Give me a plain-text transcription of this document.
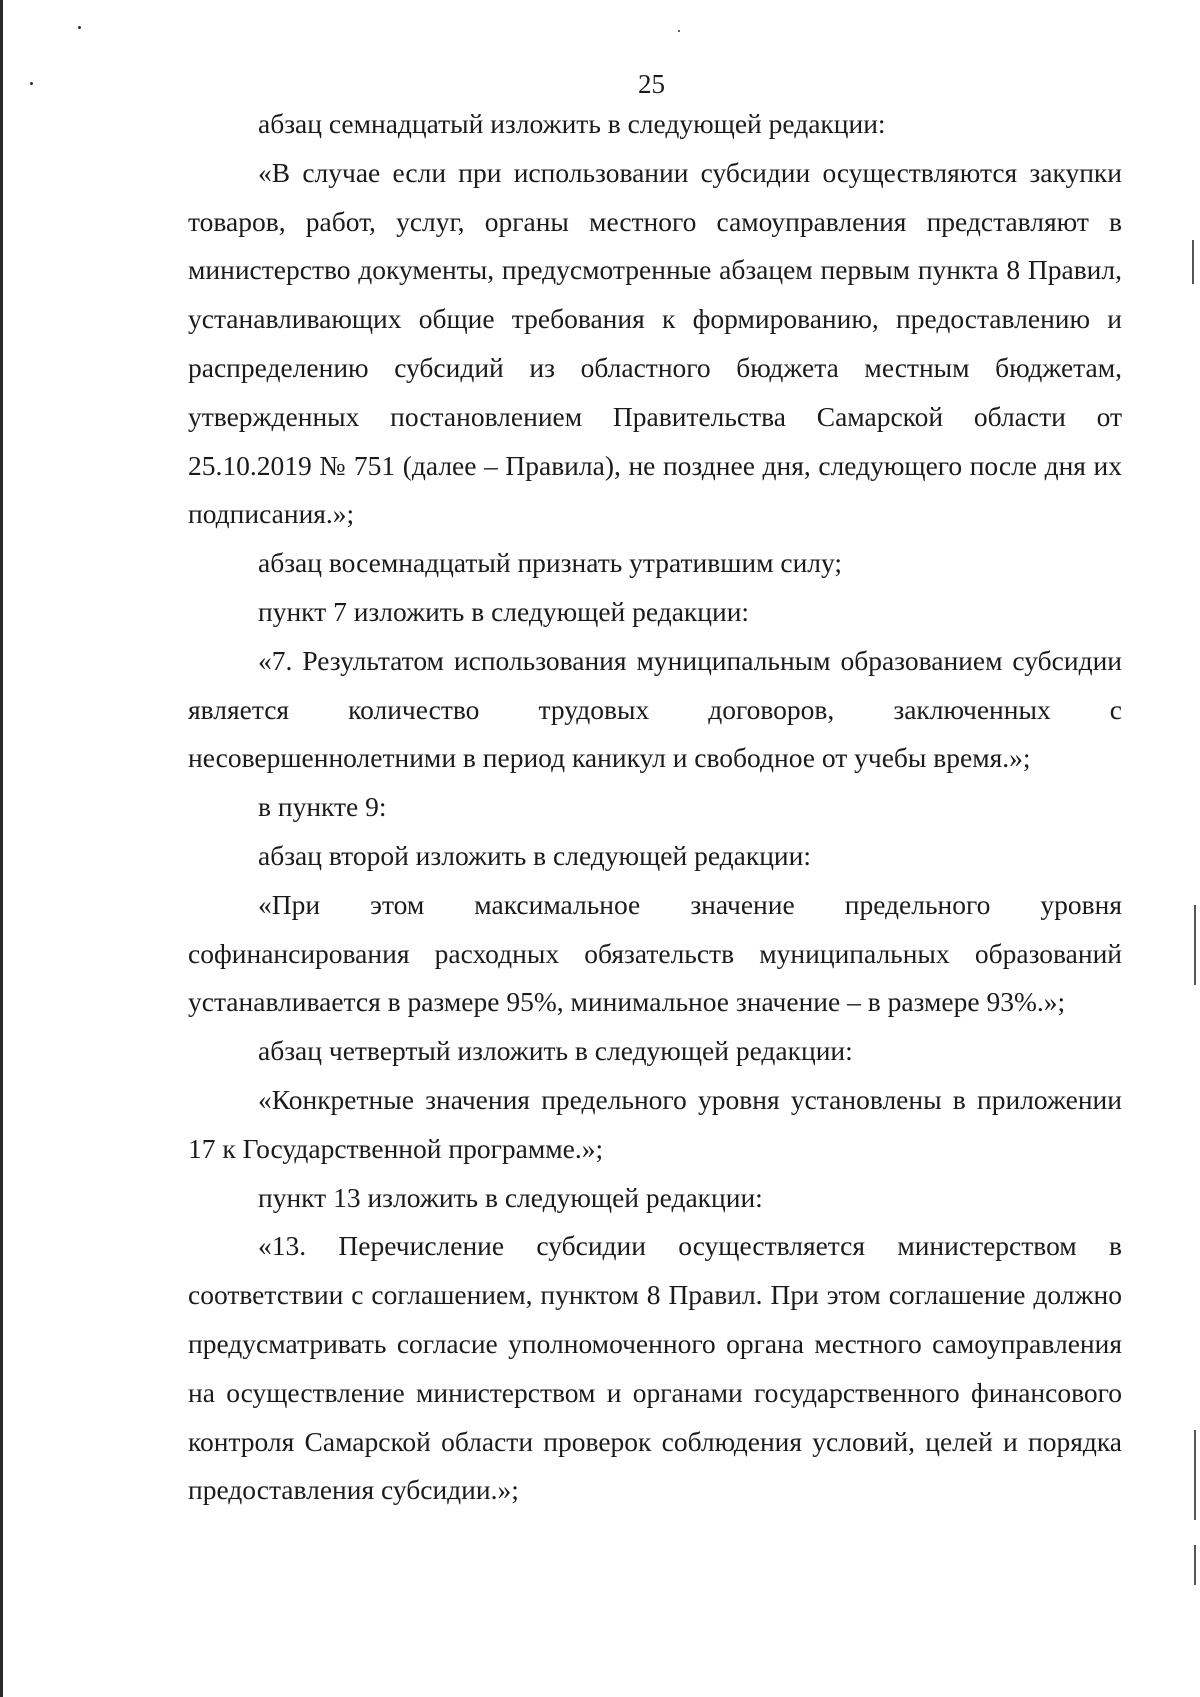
25

абзац семнадцатый изложить в следующей редакции:

«В случае если при использовании субсидии осуществляются закупки товаров, работ, услуг, органы местного самоуправления представляют в министерство документы, предусмотренные абзацем первым пункта 8 Правил, устанавливающих общие требования к формированию, предоставлению и распределению субсидий из областного бюджета местным бюджетам, утвержденных постановлением Правительства Самарской области от 25.10.2019 № 751 (далее – Правила), не позднее дня, следующего после дня их подписания.»;

абзац восемнадцатый признать утратившим силу;

пункт 7 изложить в следующей редакции:

«7. Результатом использования муниципальным образованием субсидии является количество трудовых договоров, заключенных с несовершеннолетними в период каникул и свободное от учебы время.»;

в пункте 9:

абзац второй изложить в следующей редакции:

«При этом максимальное значение предельного уровня софинансирования расходных обязательств муниципальных образований устанавливается в размере 95%, минимальное значение – в размере 93%.»;

абзац четвертый изложить в следующей редакции:

«Конкретные значения предельного уровня установлены в приложении 17 к Государственной программе.»;

пункт 13 изложить в следующей редакции:

«13. Перечисление субсидии осуществляется министерством в соответствии с соглашением, пунктом 8 Правил. При этом соглашение должно предусматривать согласие уполномоченного органа местного самоуправления на осуществление министерством и органами государственного финансового контроля Самарской области проверок соблюдения условий, целей и порядка предоставления субсидии.»;
